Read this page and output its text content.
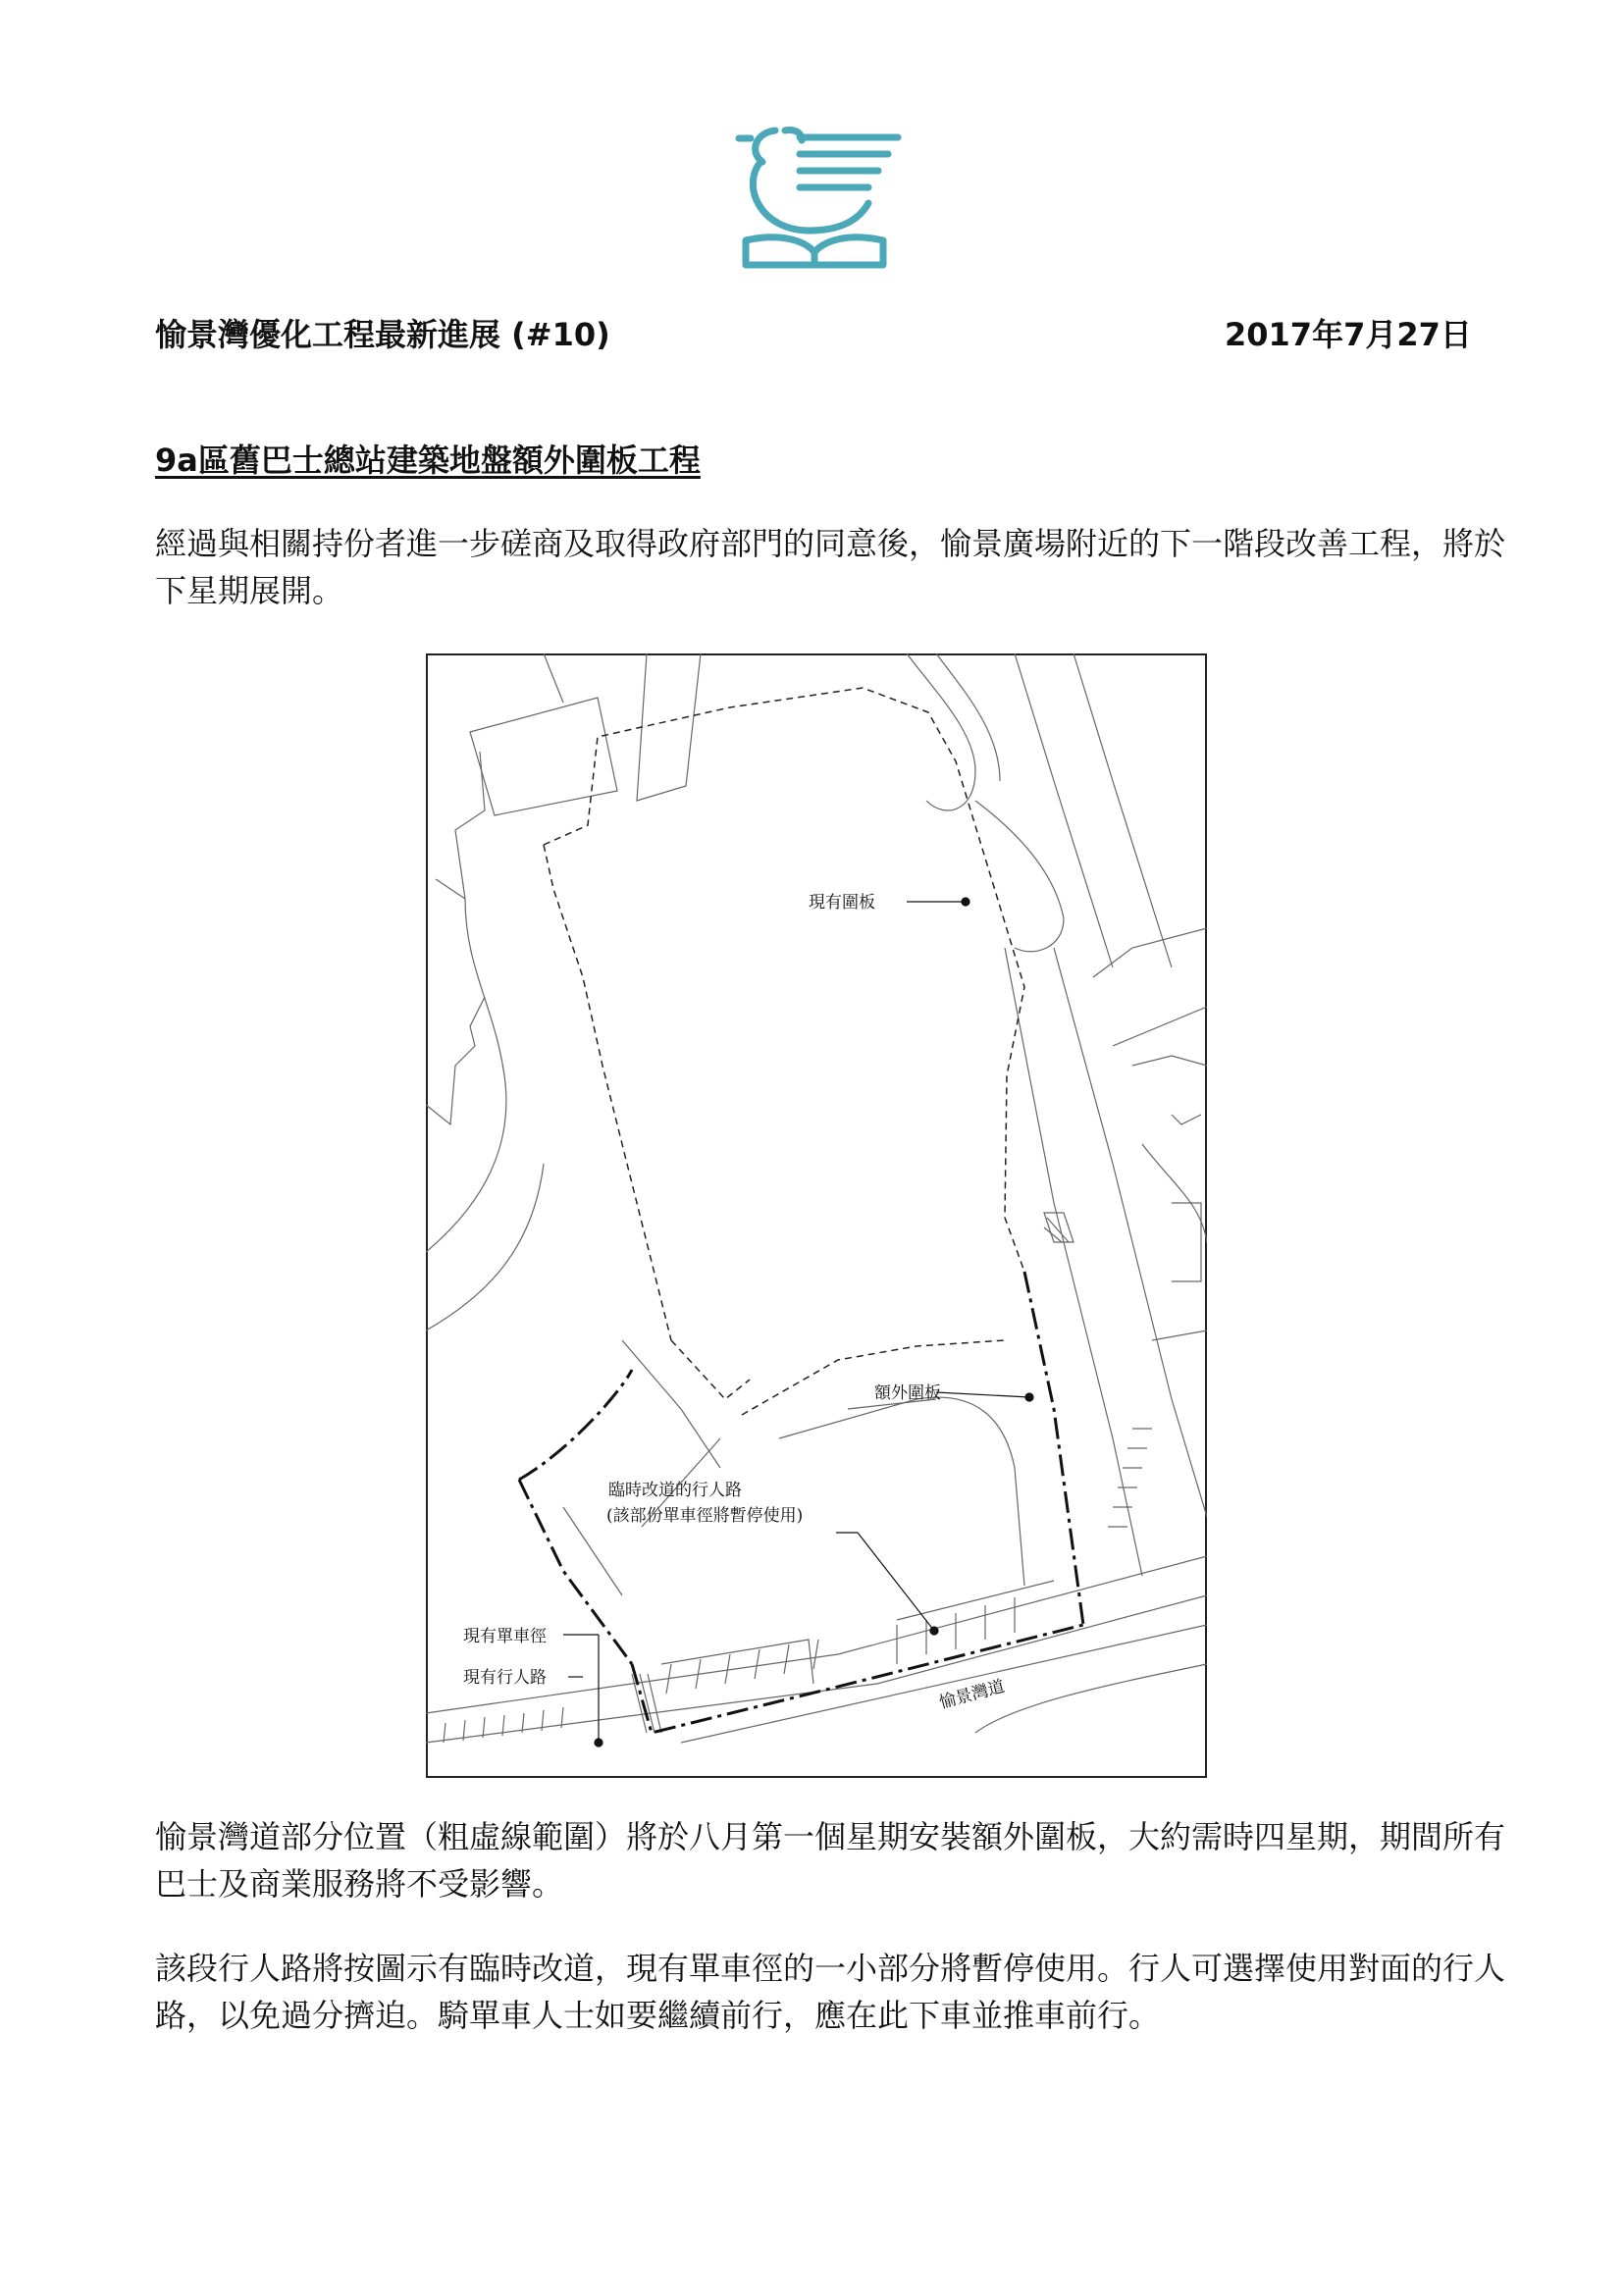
愉景灣優化工程最新進展 (#10)	2017年7月27日
9a區舊巴士總站建築地盤額外圍板工程

經過與相關持份者進一步磋商及取得政府部門的同意後，愉景廣場附近的下一階段改善工程，將於下星期展開。

現有圍板
額外圍板
臨時改道的行人路
(該部份單車徑將暫停使用)
現有單車徑
現有行人路	愉景灣道

愉景灣道部分位置（粗虛線範圍）將於八月第一個星期安裝額外圍板，大約需時四星期，期間所有巴士及商業服務將不受影響。

該段行人路將按圖示有臨時改道，現有單車徑的一小部分將暫停使用。行人可選擇使用對面的行人路，以免過分擠迫。騎單車人士如要繼續前行，應在此下車並推車前行。
